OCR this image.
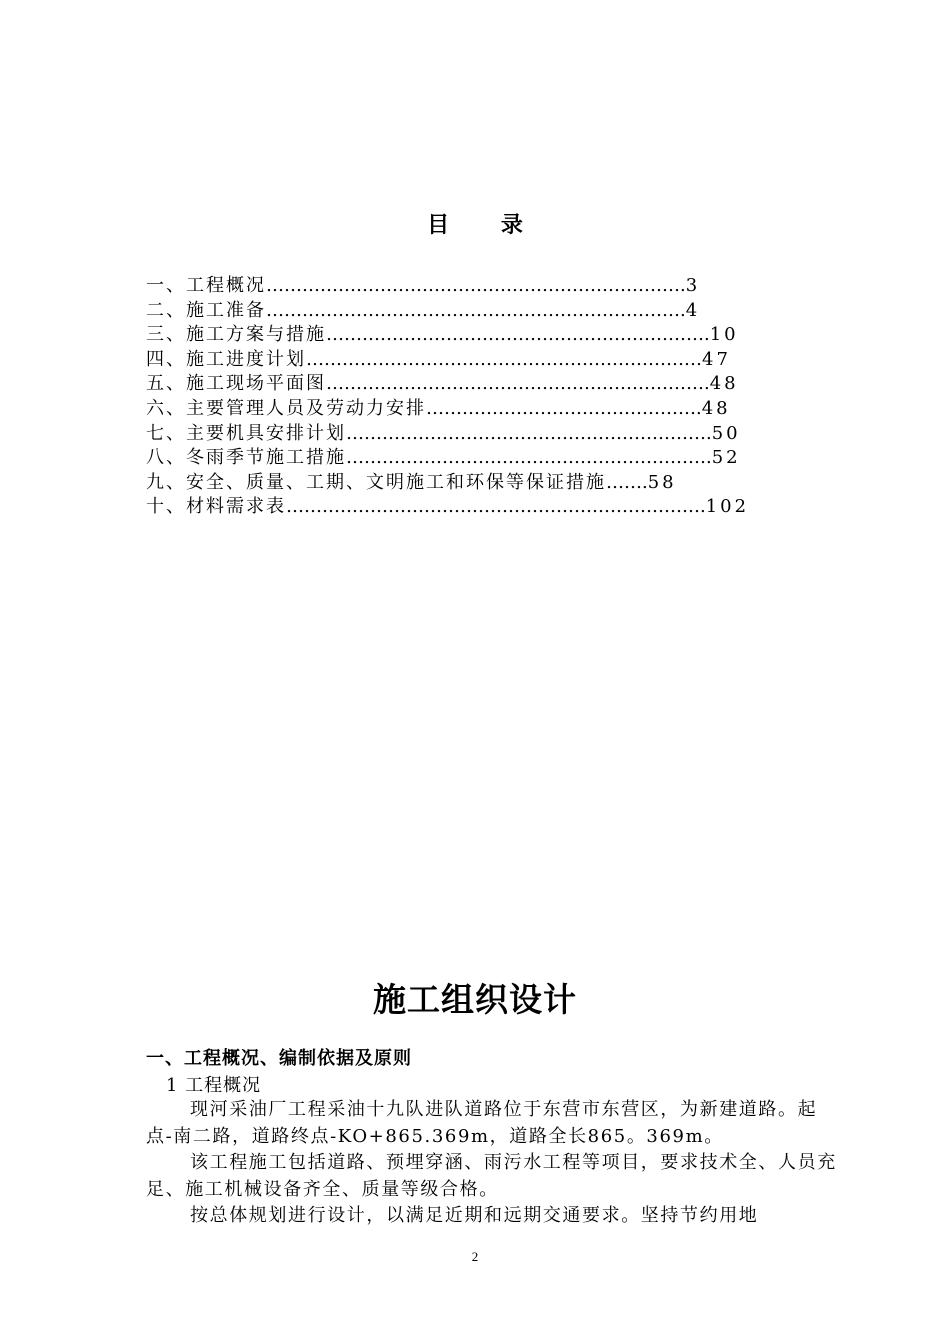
目 录
一、工程概况 ……………………………………………………………. 3
二、施工准备 ……………………………………………………………. 4
三、施工方案与措施 ………………………………………………………. 10
四、施工进度计划 ………………………………………………………… 47
五、施工现场平面图 ………………………………………………………. 48
六、主要管理人员及劳动力安排 ………………………………………. 48
七、主要机具安排计划 ……………………………………………………. 50
八、冬雨季节施工措施 ……………………………………………………. 52
九、安全、质量、工期、文明施工和环保等保证措施 ……. 58
十、材料需求表 ……………………………………………………………. 102
施工组织设计
一、工程概况、编制依据及原则
1 工程概况

现河采油厂工程采油十九队进队道路位于东营市东营区，为新建道路。起点-南二路，道路终点-KO+865.369m，道路全长865。369m。

该工程施工包括道路、预埋穿涵、雨污水工程等项目，要求技术全、人员充足、施工机械设备齐全、质量等级合格。

按总体规划进行设计，以满足近期和远期交通要求。坚持节约用地

2
